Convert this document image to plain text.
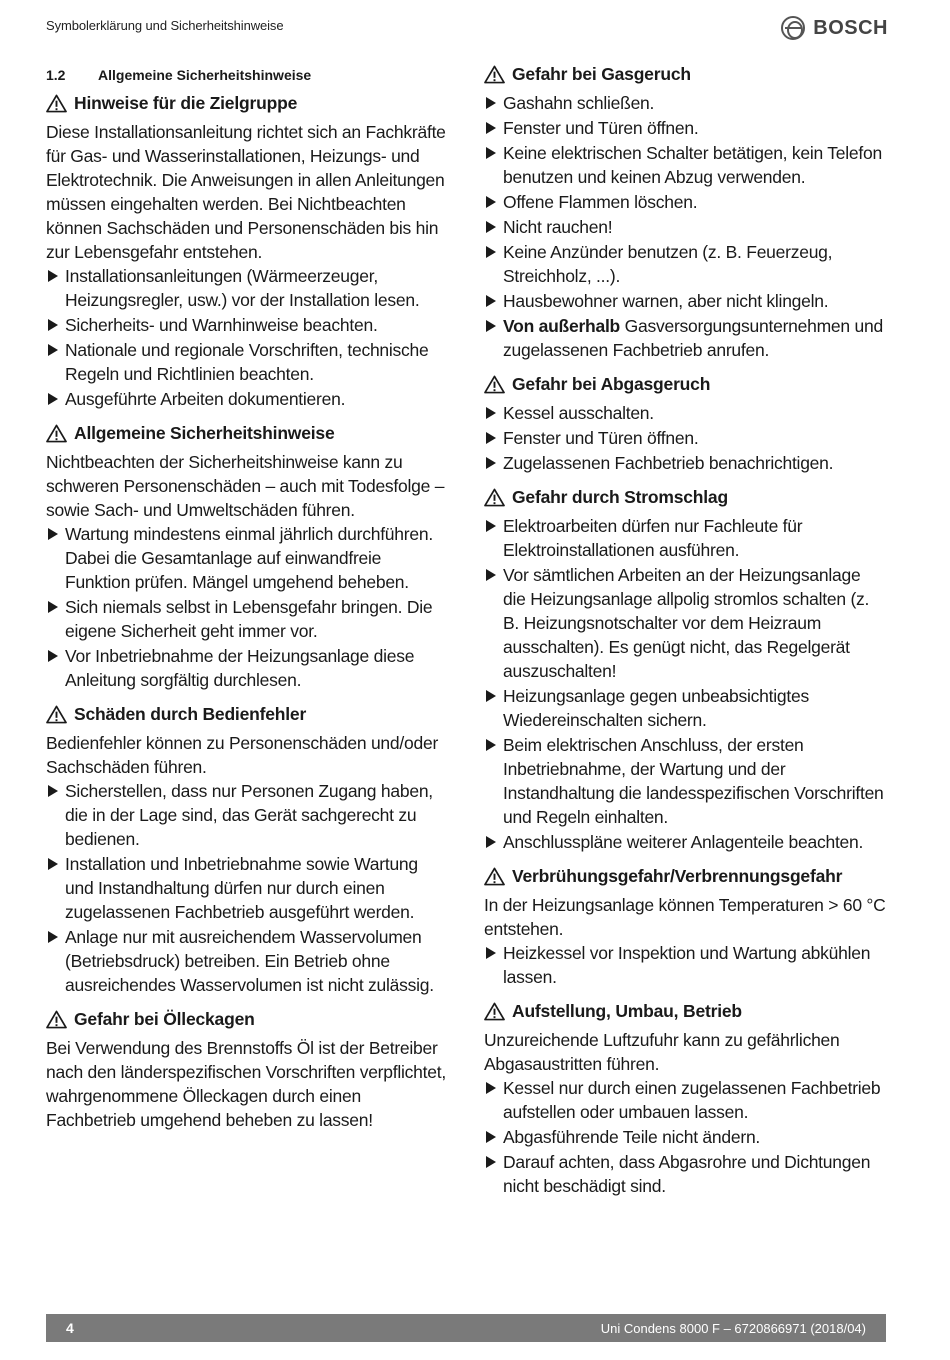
Symbolerklärung und Sicherheitshinweise	BOSCH
1.2	Allgemeine Sicherheitshinweise
Hinweise für die Zielgruppe

Diese Installationsanleitung richtet sich an Fachkräfte für Gas- und Wasserinstallationen, Heizungs- und Elektrotechnik. Die Anweisungen in allen Anleitungen müssen eingehalten werden. Bei Nichtbeachten können Sachschäden und Personenschäden bis hin zur Lebensgefahr entstehen.

Installationsanleitungen (Wärmeerzeuger, Heizungsregler, usw.) vor der Installation lesen.
Sicherheits- und Warnhinweise beachten.
Nationale und regionale Vorschriften, technische Regeln und Richtlinien beachten.
Ausgeführte Arbeiten dokumentieren.
Allgemeine Sicherheitshinweise

Nichtbeachten der Sicherheitshinweise kann zu schweren Personenschäden – auch mit Todesfolge – sowie Sach- und Umweltschäden führen.

Wartung mindestens einmal jährlich durchführen. Dabei die Gesamtanlage auf einwandfreie Funktion prüfen. Mängel umgehend beheben.
Sich niemals selbst in Lebensgefahr bringen. Die eigene Sicherheit geht immer vor.
Vor Inbetriebnahme der Heizungsanlage diese Anleitung sorgfältig durchlesen.
Schäden durch Bedienfehler

Bedienfehler können zu Personenschäden und/oder Sachschäden führen.

Sicherstellen, dass nur Personen Zugang haben, die in der Lage sind, das Gerät sachgerecht zu bedienen.
Installation und Inbetriebnahme sowie Wartung und Instandhaltung dürfen nur durch einen zugelassenen Fachbetrieb ausgeführt werden.
Anlage nur mit ausreichendem Wasservolumen (Betriebsdruck) betreiben. Ein Betrieb ohne ausreichendes Wasservolumen ist nicht zulässig.
Gefahr bei Ölleckagen

Bei Verwendung des Brennstoffs Öl ist der Betreiber nach den länderspezifischen Vorschriften verpflichtet, wahrgenommene Ölleckagen durch einen Fachbetrieb umgehend beheben zu lassen!

Gefahr bei Gasgeruch
Gashahn schließen.
Fenster und Türen öffnen.
Keine elektrischen Schalter betätigen, kein Telefon benutzen und keinen Abzug verwenden.
Offene Flammen löschen.
Nicht rauchen!
Keine Anzünder benutzen (z. B. Feuerzeug, Streichholz, ...).
Hausbewohner warnen, aber nicht klingeln.
Von außerhalb Gasversorgungsunternehmen und zugelassenen Fachbetrieb anrufen.
Gefahr bei Abgasgeruch
Kessel ausschalten.
Fenster und Türen öffnen.
Zugelassenen Fachbetrieb benachrichtigen.
Gefahr durch Stromschlag
Elektroarbeiten dürfen nur Fachleute für Elektroinstallationen ausführen.
Vor sämtlichen Arbeiten an der Heizungsanlage die Heizungsanlage allpolig stromlos schalten (z. B. Heizungsnotschalter vor dem Heizraum ausschalten). Es genügt nicht, das Regelgerät auszuschalten!
Heizungsanlage gegen unbeabsichtigtes Wiedereinschalten sichern.
Beim elektrischen Anschluss, der ersten Inbetriebnahme, der Wartung und der Instandhaltung die landesspezifischen Vorschriften und Regeln einhalten.
Anschlusspläne weiterer Anlagenteile beachten.
Verbrühungsgefahr/Verbrennungsgefahr

In der Heizungsanlage können Temperaturen > 60 °C entstehen.

Heizkessel vor Inspektion und Wartung abkühlen lassen.
Aufstellung, Umbau, Betrieb

Unzureichende Luftzufuhr kann zu gefährlichen Abgasaustritten führen.

Kessel nur durch einen zugelassenen Fachbetrieb aufstellen oder umbauen lassen.
Abgasführende Teile nicht ändern.
Darauf achten, dass Abgasrohre und Dichtungen nicht beschädigt sind.
4	Uni Condens 8000 F – 6720866971 (2018/04)
